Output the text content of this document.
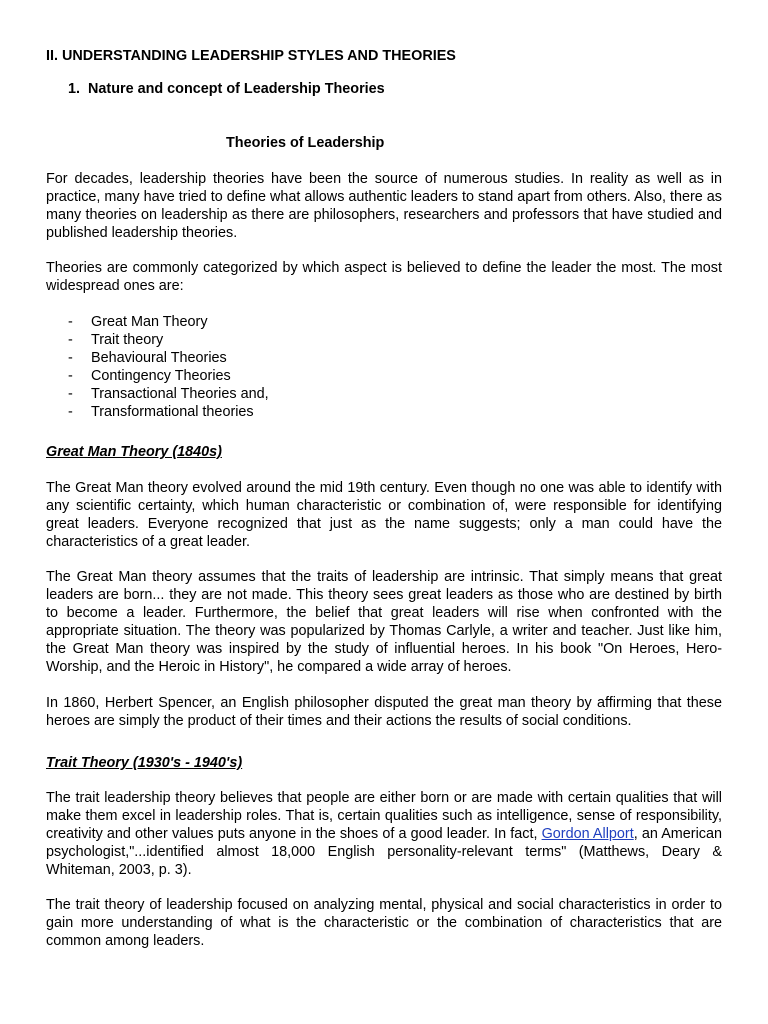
II. UNDERSTANDING LEADERSHIP STYLES AND THEORIES
1. Nature and concept of Leadership Theories
Theories of Leadership

For decades, leadership theories have been the source of numerous studies. In reality as well as in practice, many have tried to define what allows authentic leaders to stand apart from others. Also, there as many theories on leadership as there are philosophers, researchers and professors that have studied and published leadership theories.

Theories are commonly categorized by which aspect is believed to define the leader the most. The most widespread ones are:

- Great Man Theory
- Trait theory
- Behavioural Theories
- Contingency Theories
- Transactional Theories and,
- Transformational theories
Great Man Theory (1840s)

The Great Man theory evolved around the mid 19th century. Even though no one was able to identify with any scientific certainty, which human characteristic or combination of, were responsible for identifying great leaders. Everyone recognized that just as the name suggests; only a man could have the characteristics of a great leader.

The Great Man theory assumes that the traits of leadership are intrinsic. That simply means that great leaders are born... they are not made. This theory sees great leaders as those who are destined by birth to become a leader. Furthermore, the belief that great leaders will rise when confronted with the appropriate situation. The theory was popularized by Thomas Carlyle, a writer and teacher. Just like him, the Great Man theory was inspired by the study of influential heroes. In his book "On Heroes, Hero-Worship, and the Heroic in History", he compared a wide array of heroes.

In 1860, Herbert Spencer, an English philosopher disputed the great man theory by affirming that these heroes are simply the product of their times and their actions the results of social conditions.

Trait Theory (1930's - 1940's)

The trait leadership theory believes that people are either born or are made with certain qualities that will make them excel in leadership roles. That is, certain qualities such as intelligence, sense of responsibility, creativity and other values puts anyone in the shoes of a good leader. In fact, Gordon Allport, an American psychologist,"...identified almost 18,000 English personality-relevant terms" (Matthews, Deary & Whiteman, 2003, p. 3).

The trait theory of leadership focused on analyzing mental, physical and social characteristics in order to gain more understanding of what is the characteristic or the combination of characteristics that are common among leaders.
